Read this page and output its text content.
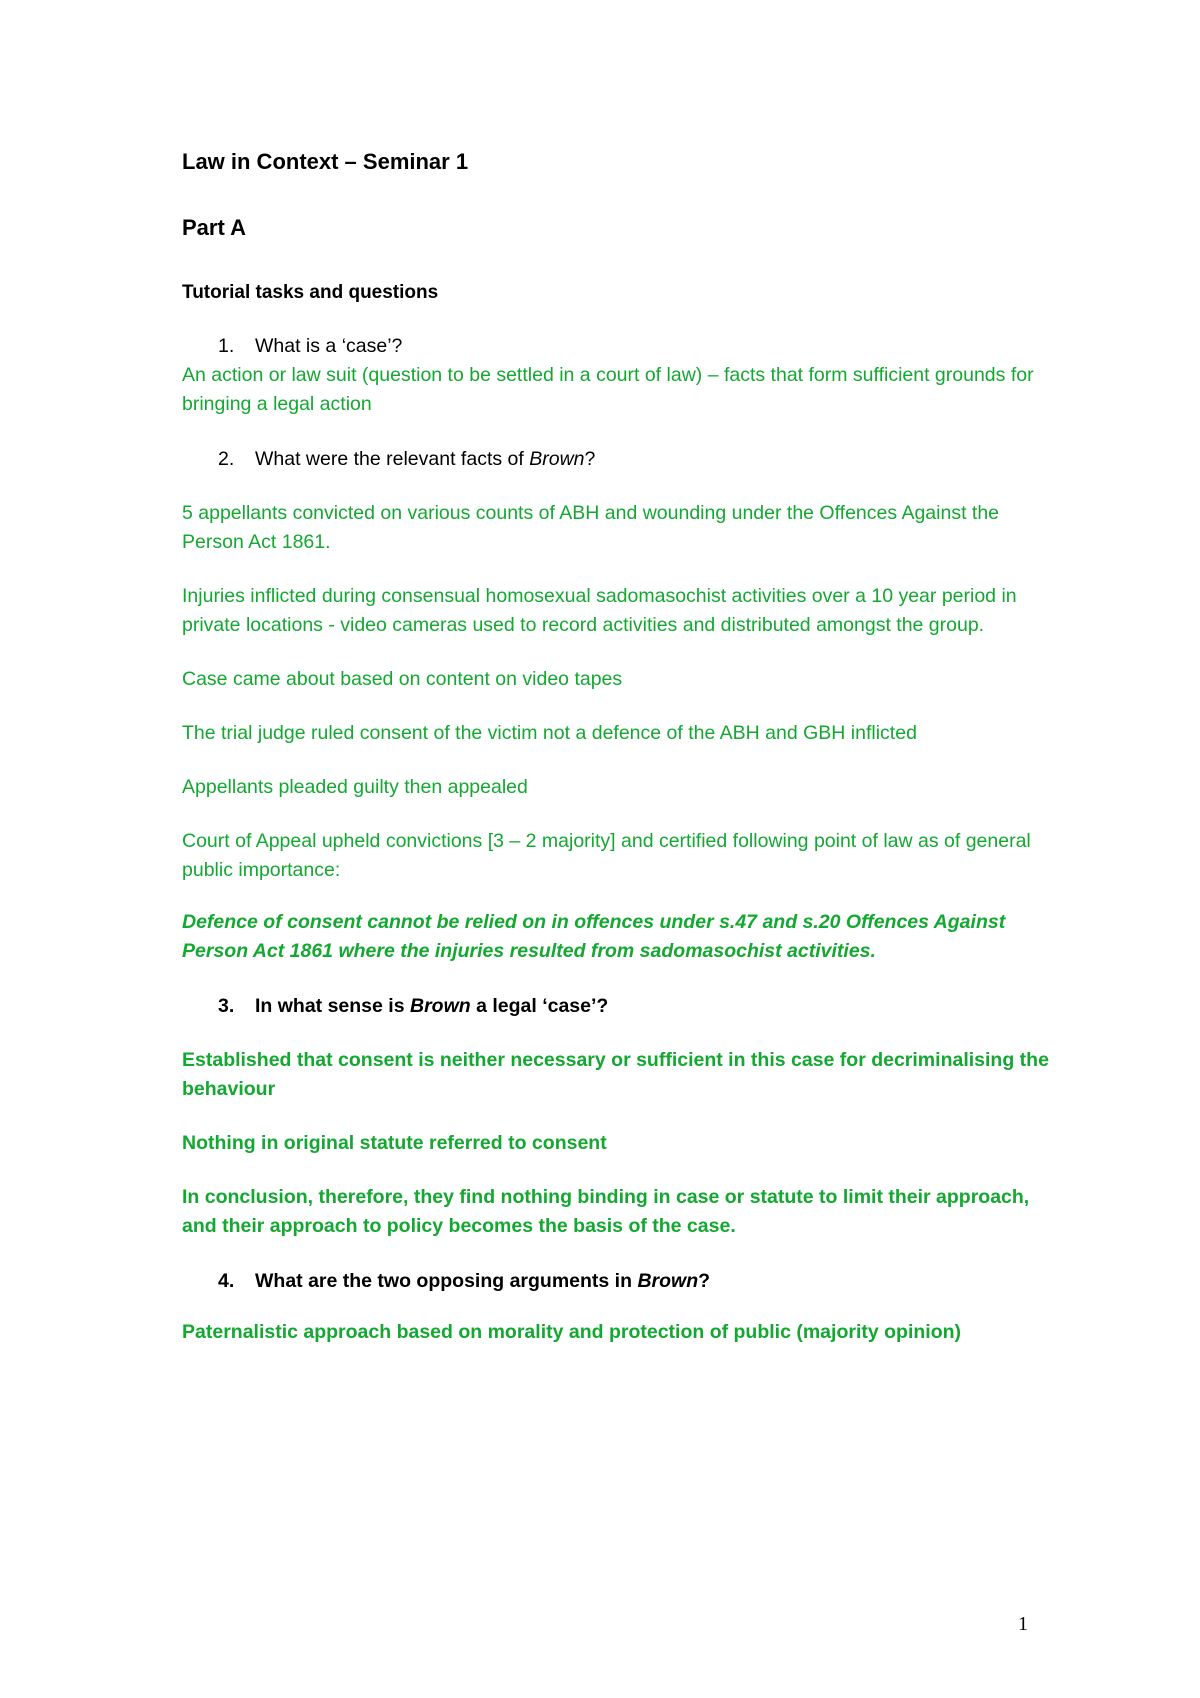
Law in Context – Seminar 1
Part A
Tutorial tasks and questions
1. What is a ‘case’?
An action or law suit (question to be settled in a court of law) – facts that form sufficient grounds for bringing a legal action
2. What were the relevant facts of Brown?
5 appellants convicted on various counts of ABH and wounding under the Offences Against the Person Act 1861.
Injuries inflicted during consensual homosexual sadomasochist activities over a 10 year period in private locations - video cameras used to record activities and distributed amongst the group.
Case came about based on content on video tapes
The trial judge ruled consent of the victim not a defence of the ABH and GBH inflicted
Appellants pleaded guilty then appealed
Court of Appeal upheld convictions [3 – 2 majority] and certified following point of law as of general public importance:
Defence of consent cannot be relied on in offences under s.47 and s.20 Offences Against Person Act 1861 where the injuries resulted from sadomasochist activities.
3. In what sense is Brown a legal ‘case’?
Established that consent is neither necessary or sufficient in this case for decriminalising the behaviour
Nothing in original statute referred to consent
In conclusion, therefore, they find nothing binding in case or statute to limit their approach, and their approach to policy becomes the basis of the case.
4. What are the two opposing arguments in Brown?
Paternalistic approach based on morality and protection of public (majority opinion)
1
